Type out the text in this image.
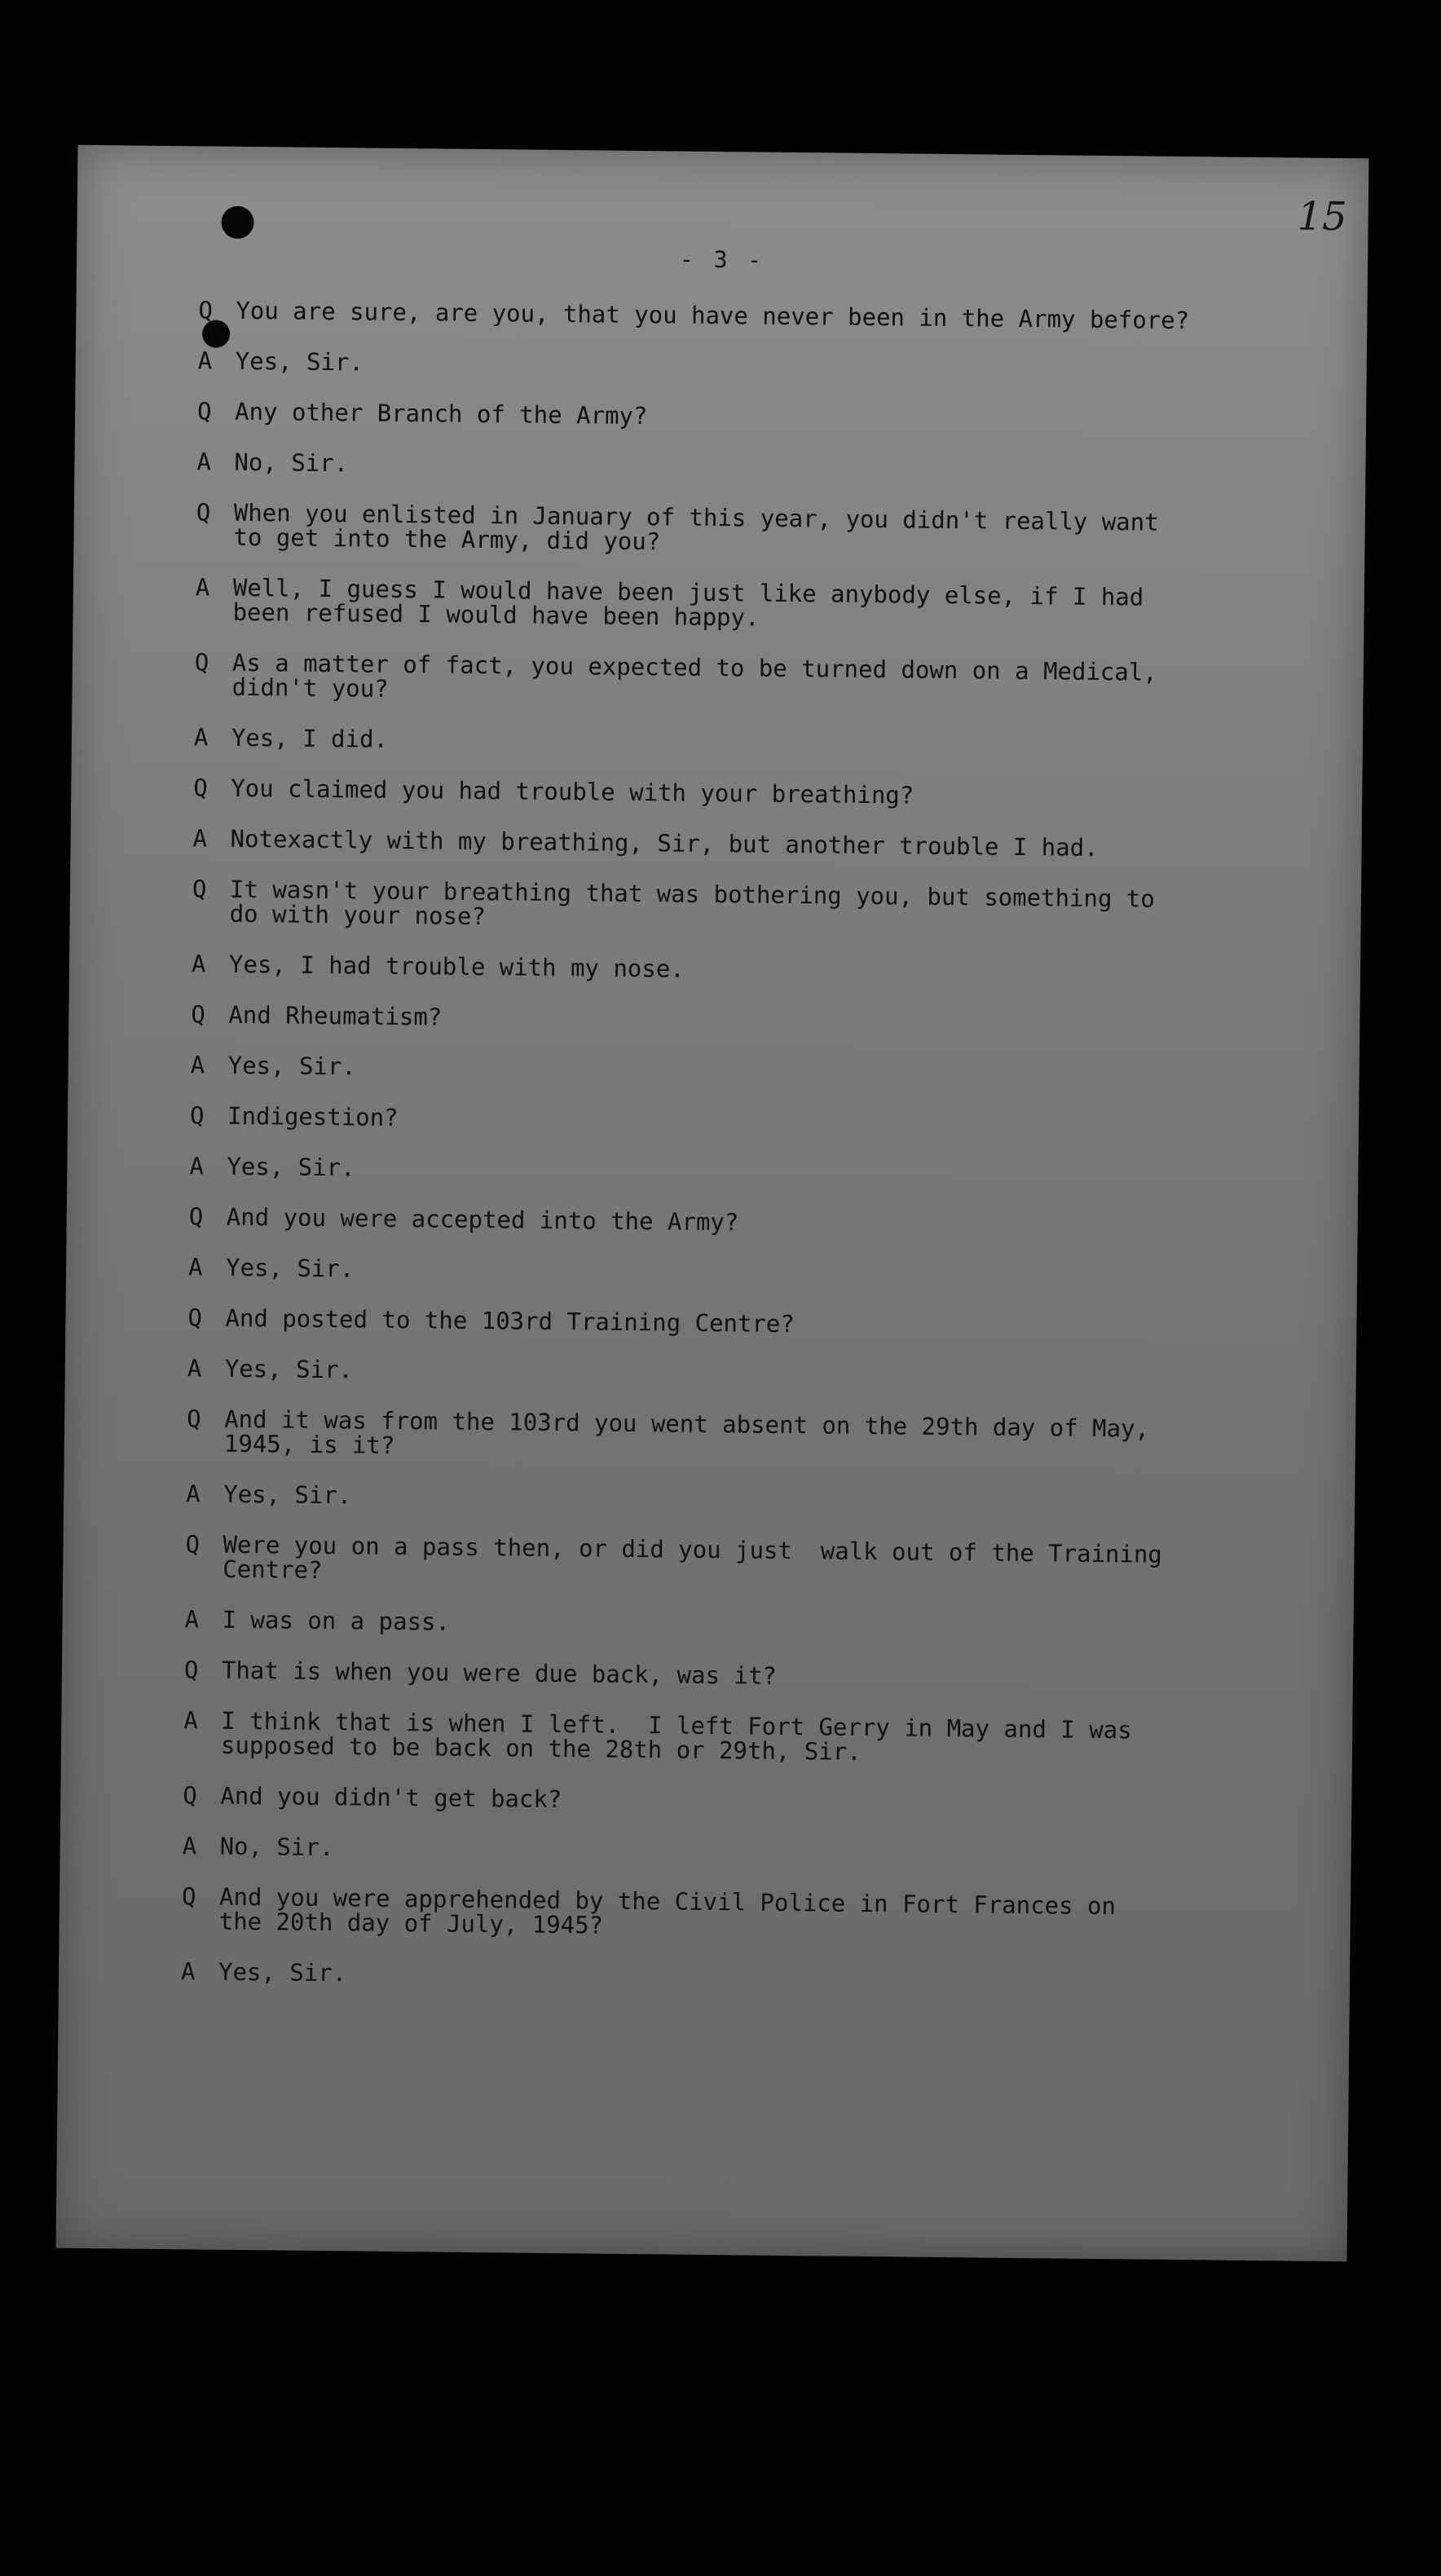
15
- 3 -
Q You are sure, are you, that you have never been in the Army before?
A Yes, Sir.
Q Any other Branch of the Army?
A No, Sir.
Q When you enlisted in January of this year, you didn't really want
to get into the Army, did you?
A Well, I guess I would have been just like anybody else, if I had
been refused I would have been happy.
Q As a matter of fact, you expected to be turned down on a Medical,
didn't you?
A Yes, I did.
Q You claimed you had trouble with your breathing?
A Notexactly with my breathing, Sir, but another trouble I had.
Q It wasn't your breathing that was bothering you, but something to
do with your nose?
A Yes, I had trouble with my nose.
Q And Rheumatism?
A Yes, Sir.
Q Indigestion?
A Yes, Sir.
Q And you were accepted into the Army?
A Yes, Sir.
Q And posted to the 103rd Training Centre?
A Yes, Sir.
Q And it was from the 103rd you went absent on the 29th day of May,
1945, is it?
A Yes, Sir.
Q Were you on a pass then, or did you just  walk out of the Training
Centre?
A I was on a pass.
Q That is when you were due back, was it?
A I think that is when I left.  I left Fort Gerry in May and I was
supposed to be back on the 28th or 29th, Sir.
Q And you didn't get back?
A No, Sir.
Q And you were apprehended by the Civil Police in Fort Frances on
the 20th day of July, 1945?
A Yes, Sir.
